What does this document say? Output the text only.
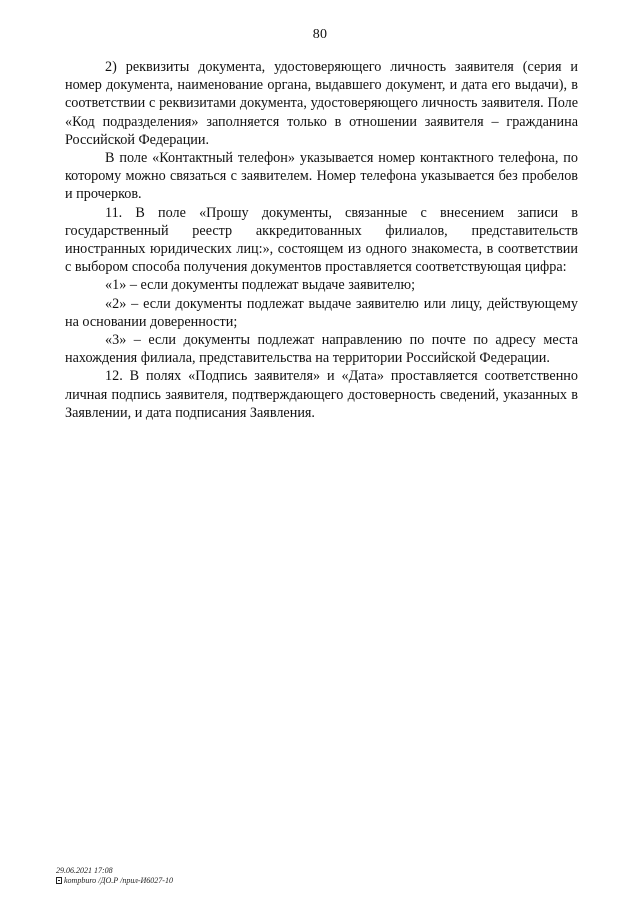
80

2) реквизиты документа, удостоверяющего личность заявителя (серия и номер документа, наименование органа, выдавшего документ, и дата его выдачи), в соответствии с реквизитами документа, удостоверяющего личность заявителя. Поле «Код подразделения» заполняется только в отношении заявителя – гражданина Российской Федерации.

В поле «Контактный телефон» указывается номер контактного телефона, по которому можно связаться с заявителем. Номер телефона указывается без пробелов и прочерков.

11. В поле «Прошу документы, связанные с внесением записи в государственный реестр аккредитованных филиалов, представительств иностранных юридических лиц:», состоящем из одного знакоместа, в соответствии с выбором способа получения документов проставляется соответствующая цифра:

«1» – если документы подлежат выдаче заявителю;

«2» – если документы подлежат выдаче заявителю или лицу, действующему на основании доверенности;

«3» – если документы подлежат направлению по почте по адресу места нахождения филиала, представительства на территории Российской Федерации.

12. В полях «Подпись заявителя» и «Дата» проставляется соответственно личная подпись заявителя, подтверждающего достоверность сведений, указанных в Заявлении, и дата подписания Заявления.

29.06.2021 17:08
kompburo /ДО.Р /прил-И6027-10
